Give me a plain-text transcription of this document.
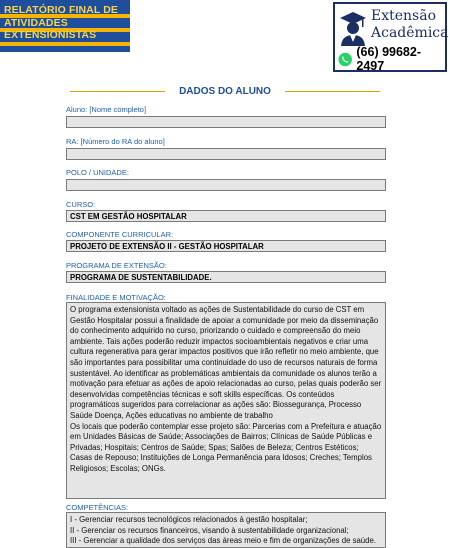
RELATÓRIO FINAL DE
ATIVIDADES
EXTENSIONISTAS
Extensão
Acadêmica
(66) 99682-2497
DADOS DO ALUNO
Aluno: [Nome completo]
RA: [Número do RA do aluno]
POLO / UNIDADE:
CURSO:
CST EM GESTÃO HOSPITALAR
COMPONENTE CURRICULAR:
PROJETO DE EXTENSÃO II - GESTÃO HOSPITALAR
PROGRAMA DE EXTENSÃO:
PROGRAMA DE SUSTENTABILIDADE.
FINALIDADE E MOTIVAÇÃO:

O programa extensionista voltado as ações de Sustentabilidade do curso de CST em Gestão Hospitalar possui a finalidade de apoiar a comunidade por meio da disseminação do conhecimento adquirido no curso, priorizando o cuidado e compreensão do meio ambiente. Tais ações poderão reduzir impactos socioambientais negativos e criar uma cultura regenerativa para gerar impactos positivos que irão refletir no meio ambiente, que são importantes para possibilitar uma continuidade do uso de recursos naturais de forma sustentável. Ao identificar as problemáticas ambientais da comunidade os alunos terão a motivação para efetuar as ações de apoio relacionadas ao curso, pelas quais poderão ser desenvolvidas competências técnicas e soft skills específicas. Os conteúdos programáticos sugeridos para correlacionar as ações são: Biossegurança, Processo Saúde Doença, Ações educativas no ambiente de trabalho

Os locais que poderão contemplar esse projeto são: Parcerias com a Prefeitura e atuação em Unidades Básicas de Saúde; Associações de Bairros; Clínicas de Saúde Públicas e Privadas; Hospitais; Centros de Saúde; Spas; Salões de Beleza; Centros Estéticos; Casas de Repouso; Instituições de Longa Permanência para Idosos; Creches; Templos Religiosos; Escolas; ONGs.

COMPETÊNCIAS:
I - Gerenciar recursos tecnológicos relacionados à gestão hospitalar;
II - Gerenciar os recursos financeiros, visando à sustentabilidade organizacional;
III - Gerenciar a qualidade dos serviços das áreas meio e fim de organizações de saúde.
